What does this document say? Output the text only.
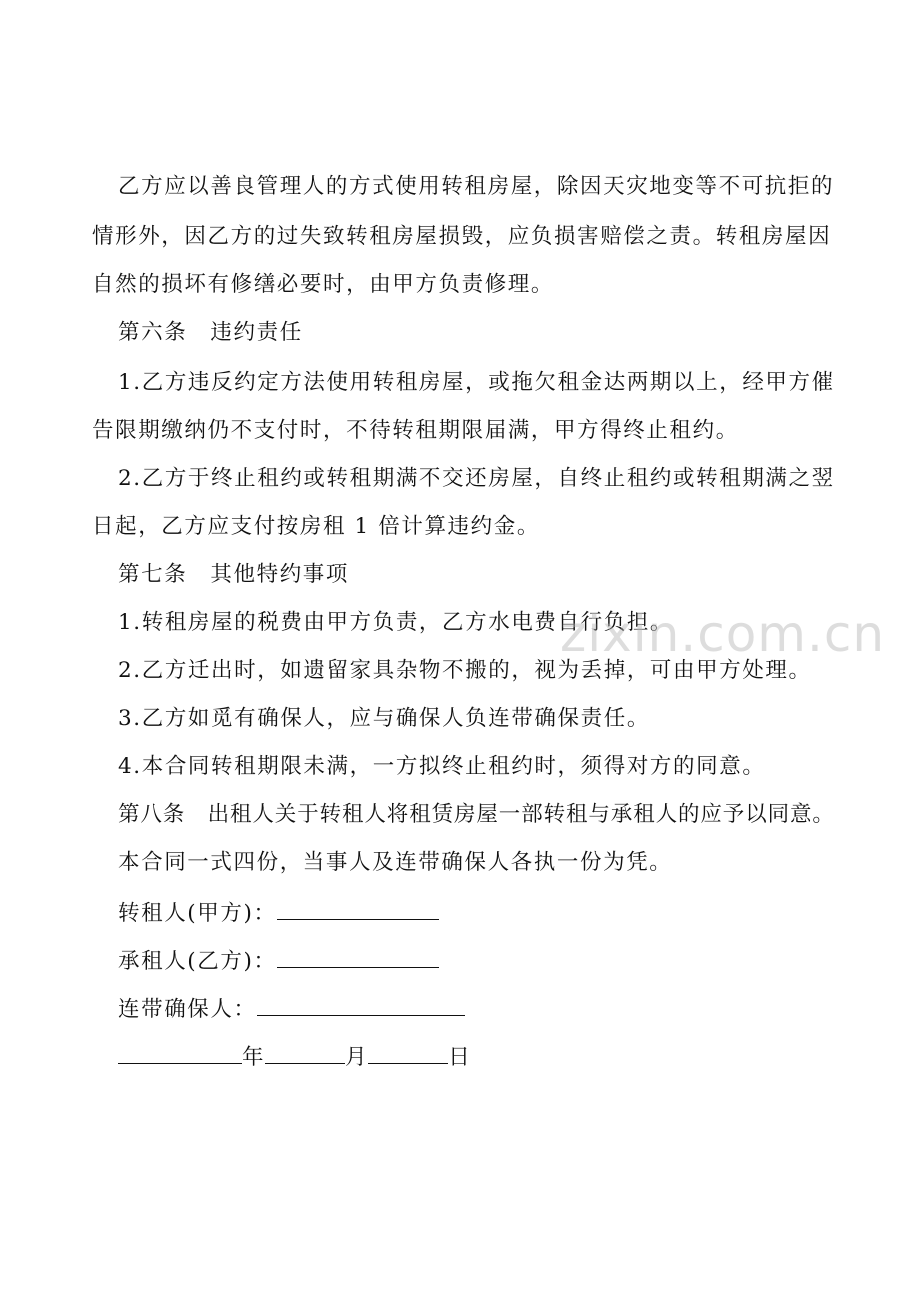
乙方应以善良管理人的方式使用转租房屋，除因天灾地变等不可抗拒的
情形外，因乙方的过失致转租房屋损毁，应负损害赔偿之责。转租房屋因
自然的损坏有修缮必要时，由甲方负责修理。
第六条　违约责任
1.乙方违反约定方法使用转租房屋，或拖欠租金达两期以上，经甲方催
告限期缴纳仍不支付时，不待转租期限届满，甲方得终止租约。
2.乙方于终止租约或转租期满不交还房屋，自终止租约或转租期满之翌
日起，乙方应支付按房租 1 倍计算违约金。
第七条　其他特约事项
1.转租房屋的税费由甲方负责，乙方水电费自行负担。
2.乙方迁出时，如遗留家具杂物不搬的，视为丢掉，可由甲方处理。
3.乙方如觅有确保人，应与确保人负连带确保责任。
4.本合同转租期限未满，一方拟终止租约时，须得对方的同意。
第八条　出租人关于转租人将租赁房屋一部转租与承租人的应予以同意。
本合同一式四份，当事人及连带确保人各执一份为凭。
转租人(甲方)：
承租人(乙方)：
连带确保人：
年	月	日
zixin.com.cn
